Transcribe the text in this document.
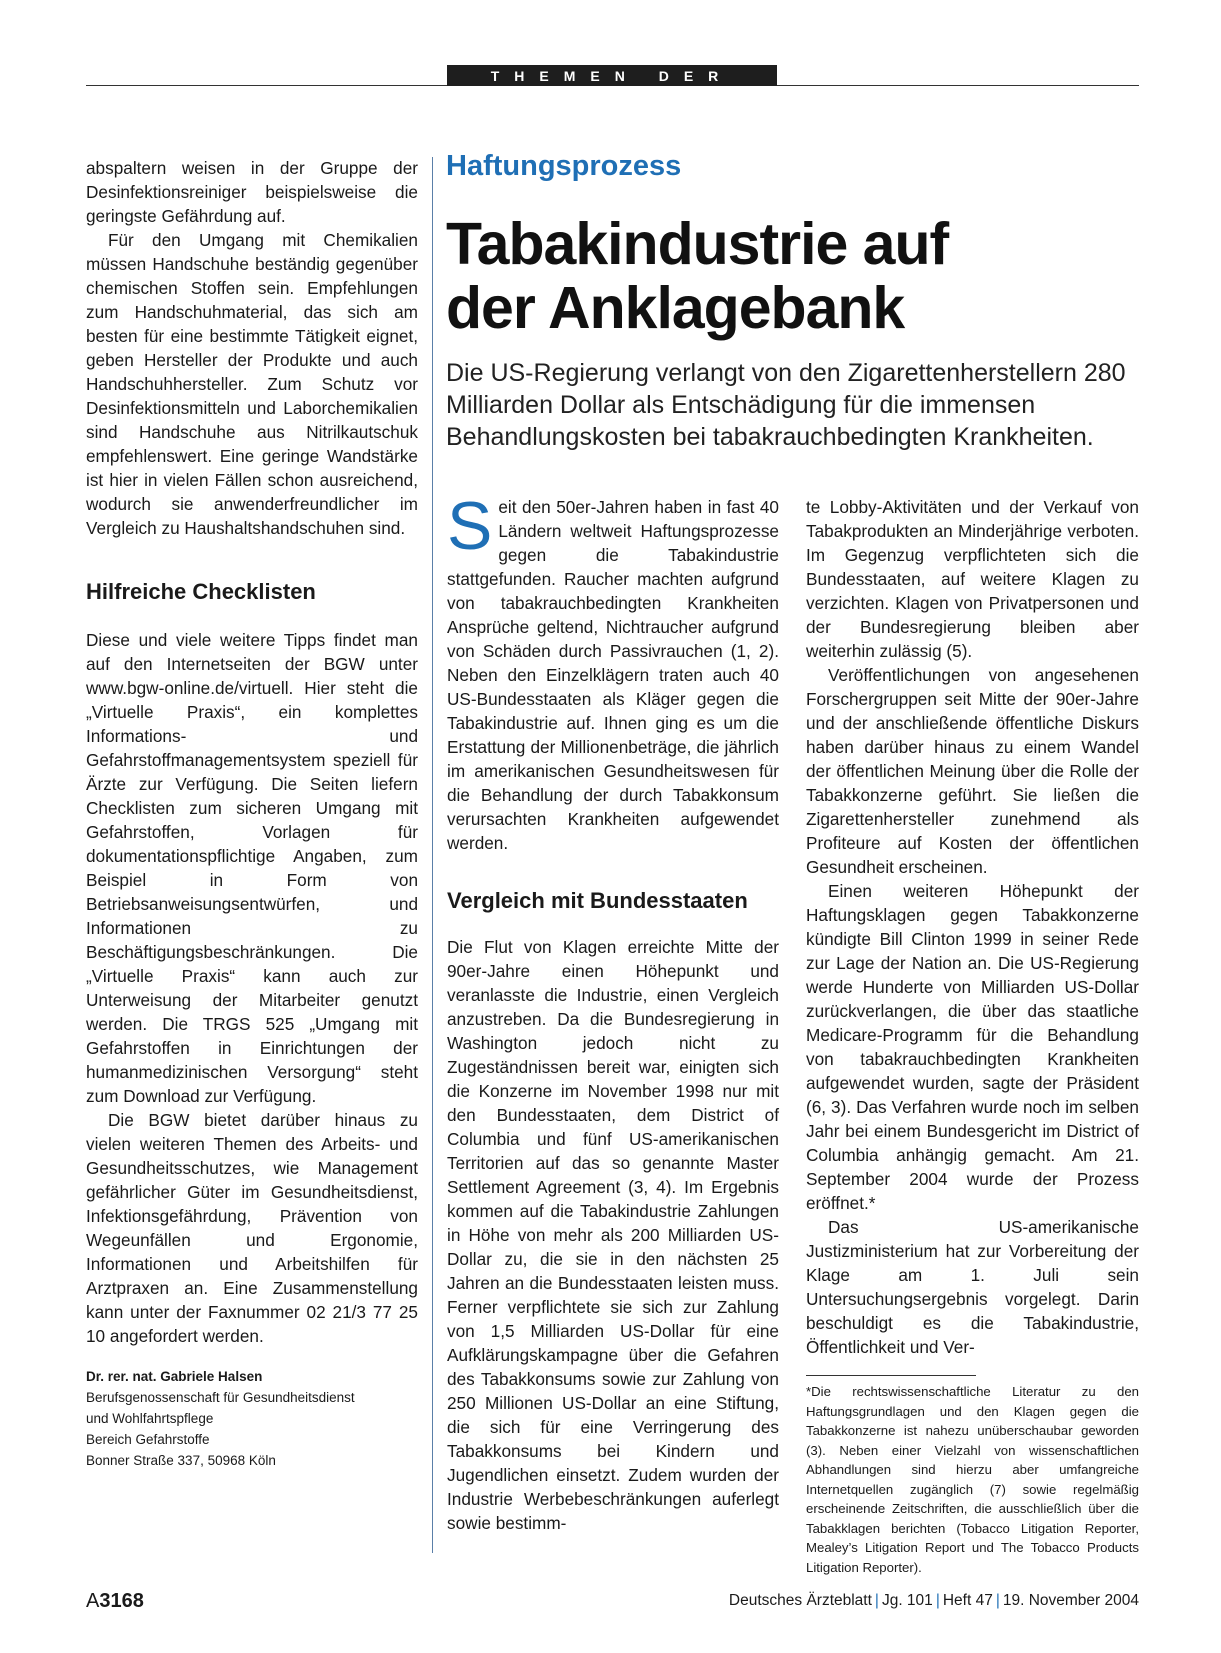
THEMEN DER ZEIT

abspaltern weisen in der Gruppe der Desinfektionsreiniger beispielsweise die geringste Gefährdung auf.

Für den Umgang mit Chemikalien müssen Handschuhe beständig gegenüber chemischen Stoffen sein. Empfehlungen zum Handschuhmaterial, das sich am besten für eine bestimmte Tätigkeit eignet, geben Hersteller der Produkte und auch Handschuhhersteller. Zum Schutz vor Desinfektionsmitteln und Laborchemikalien sind Handschuhe aus Nitrilkautschuk empfehlenswert. Eine geringe Wandstärke ist hier in vielen Fällen schon ausreichend, wodurch sie anwenderfreundlicher im Vergleich zu Haushaltshandschuhen sind.

Hilfreiche Checklisten

Diese und viele weitere Tipps findet man auf den Internetseiten der BGW unter www.bgw-online.de/virtuell. Hier steht die „Virtuelle Praxis“, ein komplettes Informations- und Gefahrstoffmanagementsystem speziell für Ärzte zur Verfügung. Die Seiten liefern Checklisten zum sicheren Umgang mit Gefahrstoffen, Vorlagen für dokumentationspflichtige Angaben, zum Beispiel in Form von Betriebsanweisungsentwürfen, und Informationen zu Beschäftigungsbeschränkungen. Die „Virtuelle Praxis“ kann auch zur Unterweisung der Mitarbeiter genutzt werden. Die TRGS 525 „Umgang mit Gefahrstoffen in Einrichtungen der humanmedizinischen Versorgung“ steht zum Download zur Verfügung.

Die BGW bietet darüber hinaus zu vielen weiteren Themen des Arbeits- und Gesundheitsschutzes, wie Management gefährlicher Güter im Gesundheitsdienst, Infektionsgefährdung, Prävention von Wegeunfällen und Ergonomie, Informationen und Arbeitshilfen für Arztpraxen an. Eine Zusammenstellung kann unter der Faxnummer 02 21/3 77 25 10 angefordert werden.

Dr. rer. nat. Gabriele Halsen
Berufsgenossenschaft für Gesundheitsdienst
und Wohlfahrtspflege
Bereich Gefahrstoffe
Bonner Straße 337, 50968 Köln
Haftungsprozess
Tabakindustrie auf
der Anklagebank

Die US-Regierung verlangt von den Zigarettenherstellern 280 Milliarden Dollar als Entschädigung für die immensen Behandlungskosten bei tabakrauchbedingten Krankheiten.

Seit den 50er-Jahren haben in fast 40 Ländern weltweit Haftungsprozesse gegen die Tabakindustrie stattgefunden. Raucher machten aufgrund von tabakrauchbedingten Krankheiten Ansprüche geltend, Nichtraucher aufgrund von Schäden durch Passivrauchen (1, 2). Neben den Einzelklägern traten auch 40 US-Bundesstaaten als Kläger gegen die Tabakindustrie auf. Ihnen ging es um die Erstattung der Millionenbeträge, die jährlich im amerikanischen Gesundheitswesen für die Behandlung der durch Tabakkonsum verursachten Krankheiten aufgewendet werden.

Vergleich mit Bundesstaaten

Die Flut von Klagen erreichte Mitte der 90er-Jahre einen Höhepunkt und veranlasste die Industrie, einen Vergleich anzustreben. Da die Bundesregierung in Washington jedoch nicht zu Zugeständnissen bereit war, einigten sich die Konzerne im November 1998 nur mit den Bundesstaaten, dem District of Columbia und fünf US-amerikanischen Territorien auf das so genannte Master Settlement Agreement (3, 4). Im Ergebnis kommen auf die Tabakindustrie Zahlungen in Höhe von mehr als 200 Milliarden US-Dollar zu, die sie in den nächsten 25 Jahren an die Bundesstaaten leisten muss. Ferner verpflichtete sie sich zur Zahlung von 1,5 Milliarden US-Dollar für eine Aufklärungskampagne über die Gefahren des Tabakkonsums sowie zur Zahlung von 250 Millionen US-Dollar an eine Stiftung, die sich für eine Verringerung des Tabakkonsums bei Kindern und Jugendlichen einsetzt. Zudem wurden der Industrie Werbebeschränkungen auferlegt sowie bestimm-

te Lobby-Aktivitäten und der Verkauf von Tabakprodukten an Minderjährige verboten. Im Gegenzug verpflichteten sich die Bundesstaaten, auf weitere Klagen zu verzichten. Klagen von Privatpersonen und der Bundesregierung bleiben aber weiterhin zulässig (5).

Veröffentlichungen von angesehenen Forschergruppen seit Mitte der 90er-Jahre und der anschließende öffentliche Diskurs haben darüber hinaus zu einem Wandel der öffentlichen Meinung über die Rolle der Tabakkonzerne geführt. Sie ließen die Zigarettenhersteller zunehmend als Profiteure auf Kosten der öffentlichen Gesundheit erscheinen.

Einen weiteren Höhepunkt der Haftungsklagen gegen Tabakkonzerne kündigte Bill Clinton 1999 in seiner Rede zur Lage der Nation an. Die US-Regierung werde Hunderte von Milliarden US-Dollar zurückverlangen, die über das staatliche Medicare-Programm für die Behandlung von tabakrauchbedingten Krankheiten aufgewendet wurden, sagte der Präsident (6, 3). Das Verfahren wurde noch im selben Jahr bei einem Bundesgericht im District of Columbia anhängig gemacht. Am 21. September 2004 wurde der Prozess eröffnet.*

Das US-amerikanische Justizministerium hat zur Vorbereitung der Klage am 1. Juli sein Untersuchungsergebnis vorgelegt. Darin beschuldigt es die Tabakindustrie, Öffentlichkeit und Ver-

*Die rechtswissenschaftliche Literatur zu den Haftungsgrundlagen und den Klagen gegen die Tabakkonzerne ist nahezu unüberschaubar geworden (3). Neben einer Vielzahl von wissenschaftlichen Abhandlungen sind hierzu aber umfangreiche Internetquellen zugänglich (7) sowie regelmäßig erscheinende Zeitschriften, die ausschließlich über die Tabakklagen berichten (Tobacco Litigation Reporter, Mealey’s Litigation Report und The Tobacco Products Litigation Reporter).

A3168	Deutsches Ärzteblatt | Jg. 101 | Heft 47 | 19. November 2004
